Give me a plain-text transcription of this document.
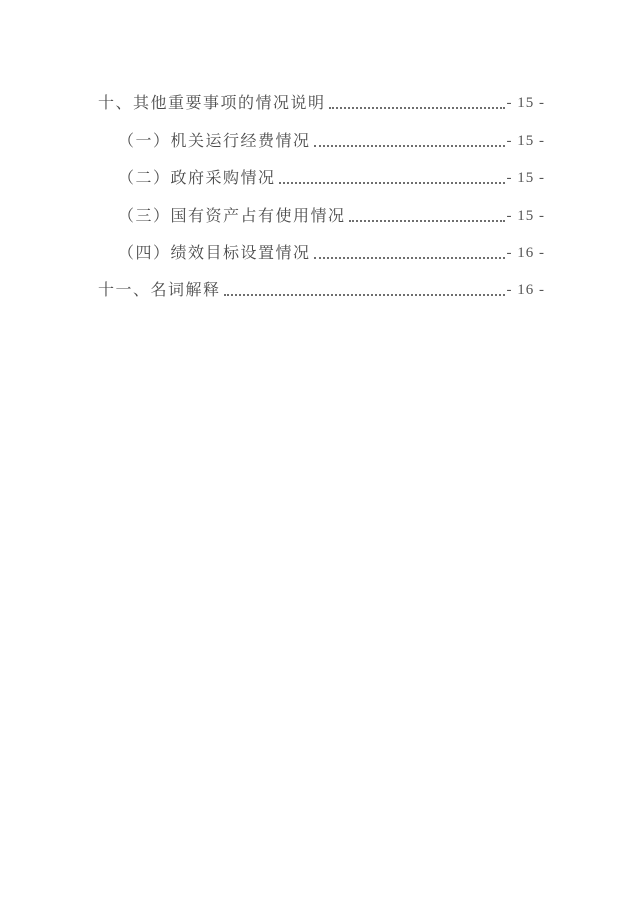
十、其他重要事项的情况说明	- 15 -
（一）机关运行经费情况	- 15 -
（二）政府采购情况	- 15 -
（三）国有资产占有使用情况	- 15 -
（四）绩效目标设置情况	- 16 -
十一、名词解释	- 16 -
